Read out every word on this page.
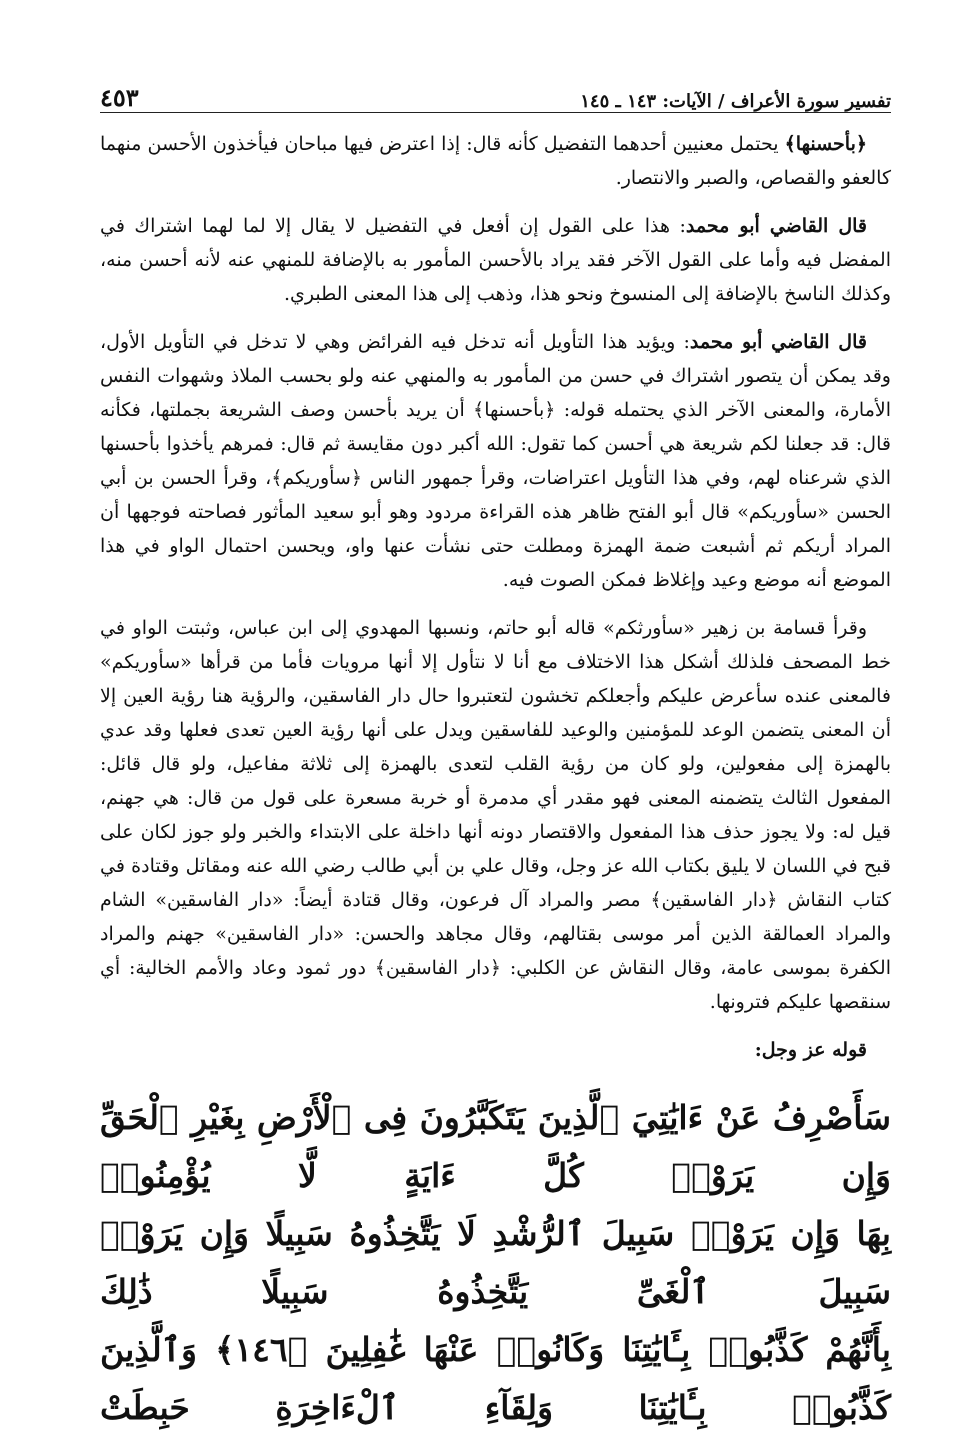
تفسير سورة الأعراف / الآيات: ١٤٣ ـ ١٤٥
٤٥٣

﴿بأحسنها﴾ يحتمل معنيين أحدهما التفضيل كأنه قال: إذا اعترض فيها مباحان فيأخذون الأحسن منهما كالعفو والقصاص، والصبر والانتصار.

قال القاضي أبو محمد: هذا على القول إن أفعل في التفضيل لا يقال إلا لما لهما اشتراك في المفضل فيه وأما على القول الآخر فقد يراد بالأحسن المأمور به بالإضافة للمنهي عنه لأنه أحسن منه، وكذلك الناسخ بالإضافة إلى المنسوخ ونحو هذا، وذهب إلى هذا المعنى الطبري.

قال القاضي أبو محمد: ويؤيد هذا التأويل أنه تدخل فيه الفرائض وهي لا تدخل في التأويل الأول، وقد يمكن أن يتصور اشتراك في حسن من المأمور به والمنهي عنه ولو بحسب الملاذ وشهوات النفس الأمارة، والمعنى الآخر الذي يحتمله قوله: ﴿بأحسنها﴾ أن يريد بأحسن وصف الشريعة بجملتها، فكأنه قال: قد جعلنا لكم شريعة هي أحسن كما تقول: الله أكبر دون مقايسة ثم قال: فمرهم يأخذوا بأحسنها الذي شرعناه لهم، وفي هذا التأويل اعتراضات، وقرأ جمهور الناس ﴿سأوريكم﴾، وقرأ الحسن بن أبي الحسن «سأوريكم» قال أبو الفتح ظاهر هذه القراءة مردود وهو أبو سعيد المأثور فصاحته فوجهها أن المراد أريكم ثم أشبعت ضمة الهمزة ومطلت حتى نشأت عنها واو، ويحسن احتمال الواو في هذا الموضع أنه موضع وعيد وإغلاظ فمكن الصوت فيه.

وقرأ قسامة بن زهير «سأورثكم» قاله أبو حاتم، ونسبها المهدوي إلى ابن عباس، وثبتت الواو في خط المصحف فلذلك أشكل هذا الاختلاف مع أنا لا نتأول إلا أنها مرويات فأما من قرأها «سأوريكم» فالمعنى عنده سأعرض عليكم وأجعلكم تخشون لتعتبروا حال دار الفاسقين، والرؤية هنا رؤية العين إلا أن المعنى يتضمن الوعد للمؤمنين والوعيد للفاسقين ويدل على أنها رؤية العين تعدى فعلها وقد عدي بالهمزة إلى مفعولين، ولو كان من رؤية القلب لتعدى بالهمزة إلى ثلاثة مفاعيل، ولو قال قائل: المفعول الثالث يتضمنه المعنى فهو مقدر أي مدمرة أو خربة مسعرة على قول من قال: هي جهنم، قيل له: ولا يجوز حذف هذا المفعول والاقتصار دونه أنها داخلة على الابتداء والخبر ولو جوز لكان على قبح في اللسان لا يليق بكتاب الله عز وجل، وقال علي بن أبي طالب رضي الله عنه ومقاتل وقتادة في كتاب النقاش ﴿دار الفاسقين﴾ مصر والمراد آل فرعون، وقال قتادة أيضاً: «دار الفاسقين» الشام والمراد العمالقة الذين أمر موسى بقتالهم، وقال مجاهد والحسن: «دار الفاسقين» جهنم والمراد الكفرة بموسى عامة، وقال النقاش عن الكلبي: ﴿دار الفاسقين﴾ دور ثمود وعاد والأمم الخالية: أي سنقصها عليكم فترونها.

قوله عز وجل:
سَأَصْرِفُ عَنْ ءَايَٰتِيَ ٱلَّذِينَ يَتَكَبَّرُونَ فِى ٱلْأَرْضِ بِغَيْرِ ٱلْحَقِّ وَإِن يَرَوْا۟ كُلَّ ءَايَةٍ لَّا يُؤْمِنُوا۟
بِهَا وَإِن يَرَوْا۟ سَبِيلَ ٱلرُّشْدِ لَا يَتَّخِذُوهُ سَبِيلًا وَإِن يَرَوْا۟ سَبِيلَ ٱلْغَىِّ يَتَّخِذُوهُ سَبِيلًا ذَٰلِكَ
بِأَنَّهُمْ كَذَّبُوا۟ بِـَٔايَٰتِنَا وَكَانُوا۟ عَنْهَا غَٰفِلِينَ ﴿١٤٦﴾ وَٱلَّذِينَ كَذَّبُوا۟ بِـَٔايَٰتِنَا وَلِقَآءِ ٱلْءَاخِرَةِ حَبِطَتْ
